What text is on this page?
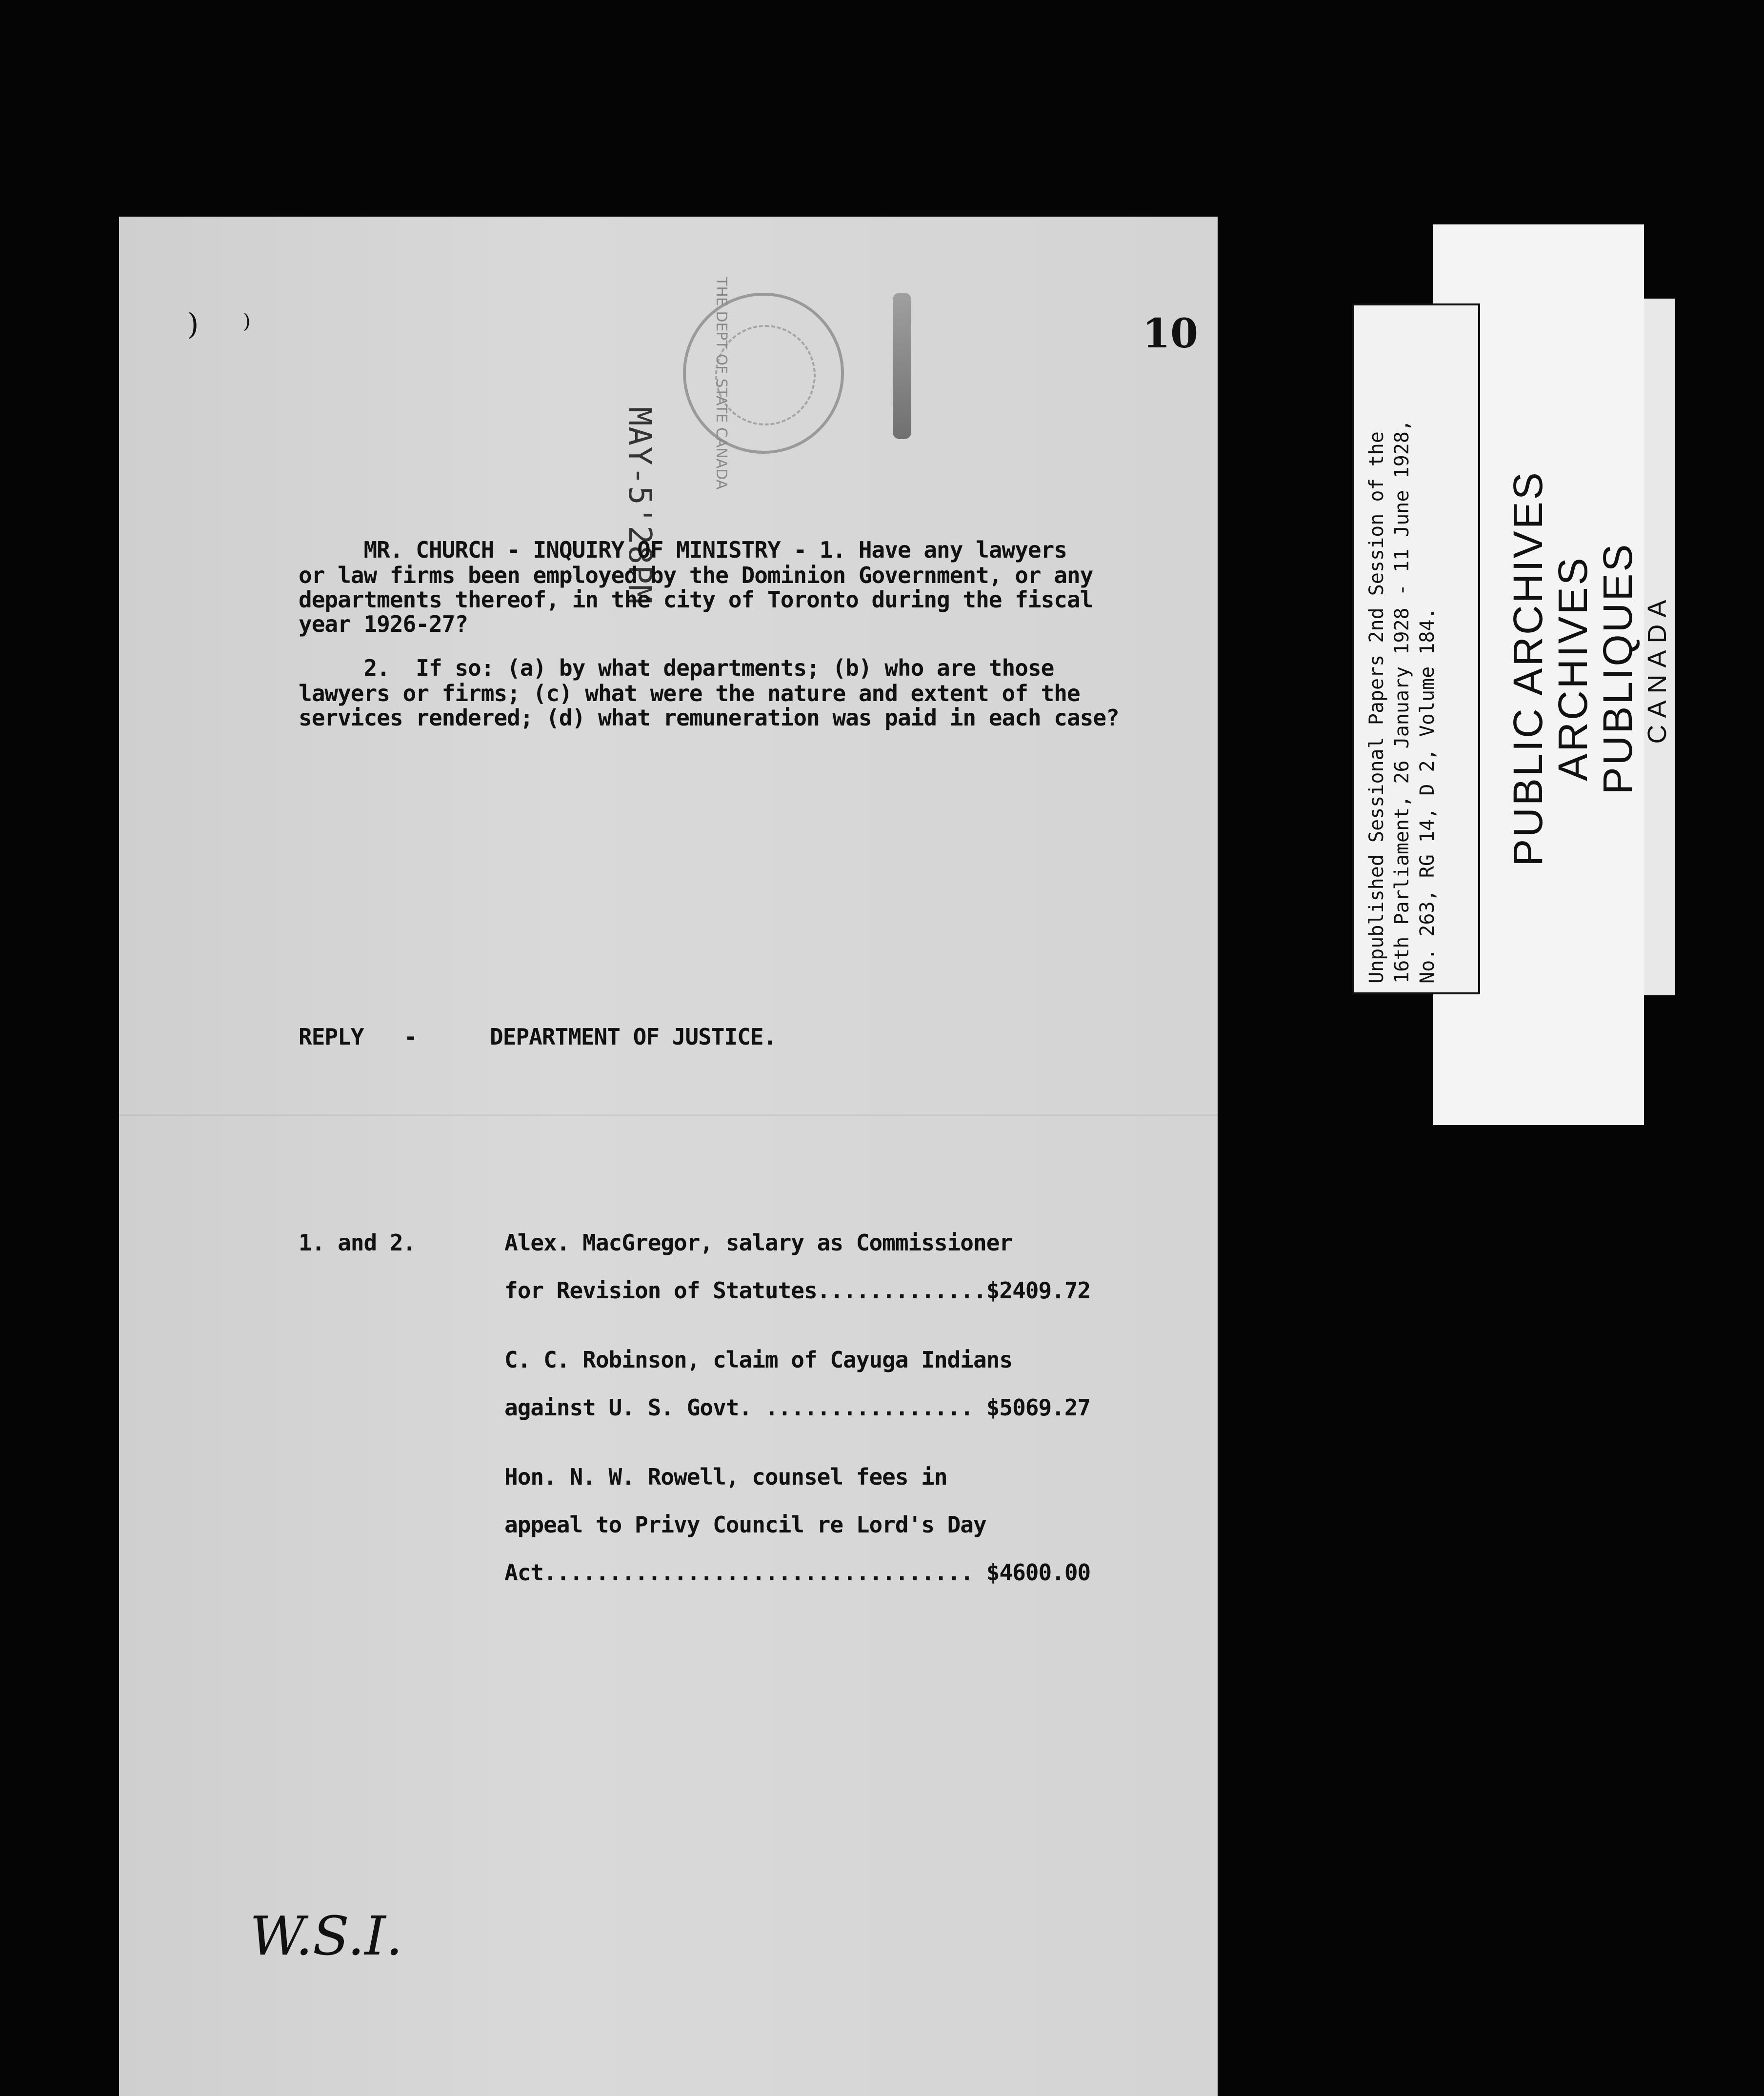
) )	10
THE DEPT OF STATE CANADA
MAY-5'28PM
MR. CHURCH - INQUIRY OF MINISTRY - 1. Have any lawyers
or law firms been employed by the Dominion Government, or any
departments thereof, in the city of Toronto during the fiscal
year 1926-27?
2.  If so: (a) by what departments; (b) who are those
lawyers or firms; (c) what were the nature and extent of the
services rendered; (d) what remuneration was paid in each case?
REPLY -	DEPARTMENT OF JUSTICE.
1. and 2.	Alex. MacGregor, salary as Commissioner
for Revision of Statutes.............$2409.72
C. C. Robinson, claim of Cayuga Indians
against U. S. Govt. ................ $5069.27
Hon. N. W. Rowell, counsel fees in
appeal to Privy Council re Lord's Day
Act................................. $4600.00
W.S.I.
PUBLIC ARCHIVES
ARCHIVES PUBLIQUES CANADA
Unpublished Sessional Papers 2nd Session of the 16th Parliament, 26 January 1928 - 11 June 1928, No. 263, RG 14, D 2, Volume 184.
